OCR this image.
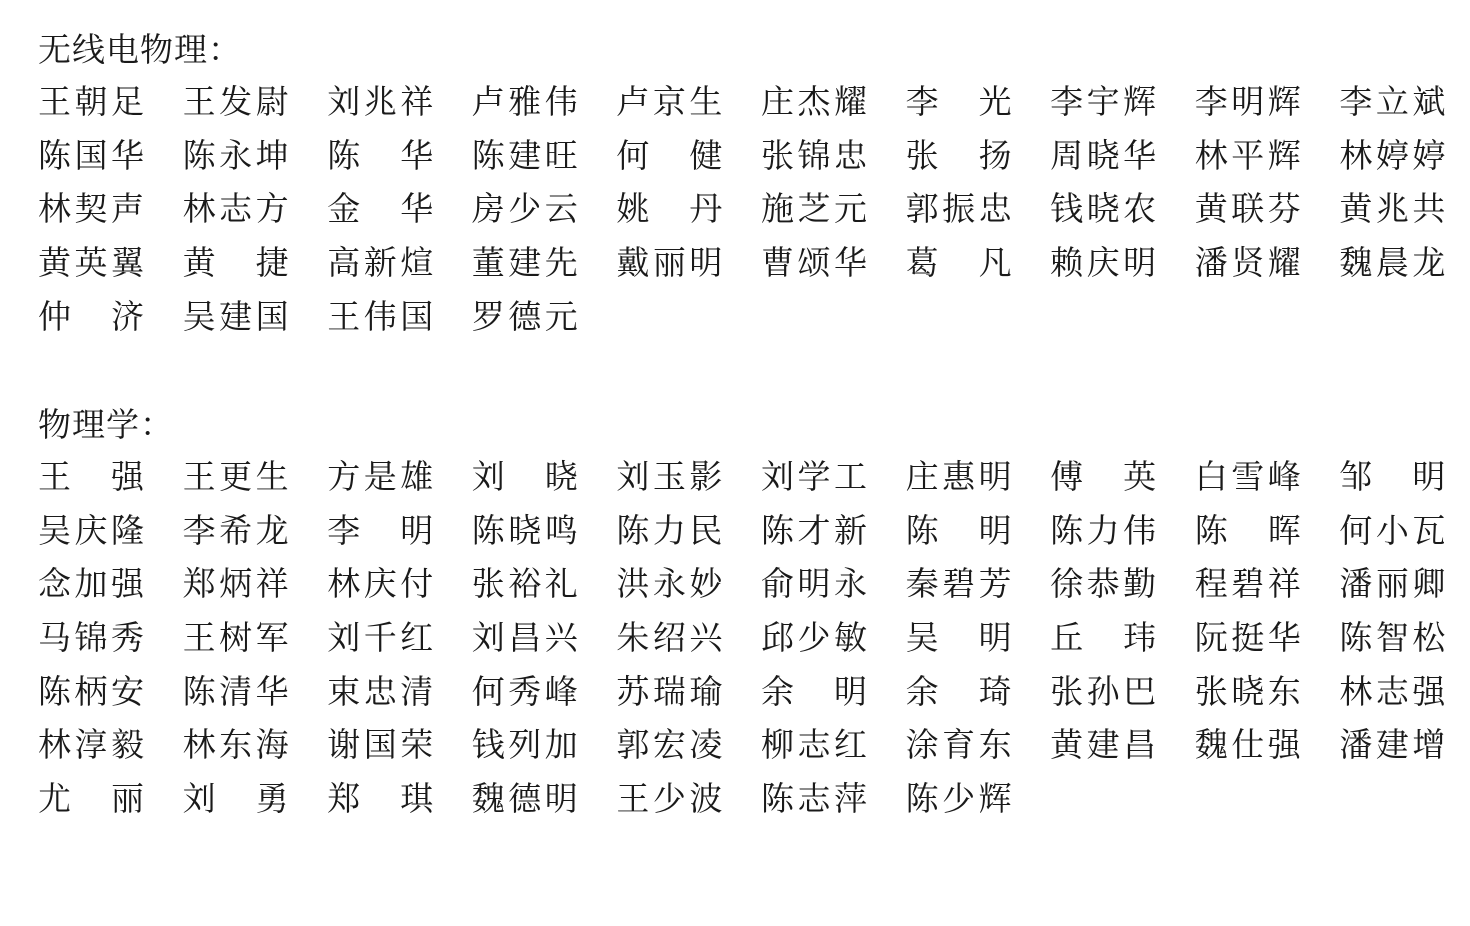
无线电物理：
王 朝 足 王 发 尉 刘 兆 祥 卢 雅 伟 卢 京 生 庄 杰 耀 李 光 李 宇 辉 李 明 辉 李 立 斌
陈 国 华 陈 永 坤 陈 华 陈 建 旺 何 健 张 锦 忠 张 扬 周 晓 华 林 平 辉 林 婷 婷
林 契 声 林 志 方 金 华 房 少 云 姚 丹 施 芝 元 郭 振 忠 钱 晓 农 黄 联 芬 黄 兆 共
黄 英 翼 黄 捷 高 新 煊 董 建 先 戴 丽 明 曹 颂 华 葛 凡 赖 庆 明 潘 贤 耀 魏 晨 龙
仲 济 吴 建 国 王 伟 国 罗 德 元
物理学：
王 强 王 更 生 方 是 雄 刘 晓 刘 玉 影 刘 学 工 庄 惠 明 傅 英 白 雪 峰 邹 明
吴 庆 隆 李 希 龙 李 明 陈 晓 鸣 陈 力 民 陈 才 新 陈 明 陈 力 伟 陈 晖 何 小 瓦
念 加 强 郑 炳 祥 林 庆 付 张 裕 礼 洪 永 妙 俞 明 永 秦 碧 芳 徐 恭 勤 程 碧 祥 潘 丽 卿
马 锦 秀 王 树 军 刘 千 红 刘 昌 兴 朱 绍 兴 邱 少 敏 吴 明 丘 玮 阮 挺 华 陈 智 松
陈 柄 安 陈 清 华 束 忠 清 何 秀 峰 苏 瑞 瑜 余 明 余 琦 张 孙 巴 张 晓 东 林 志 强
林 淳 毅 林 东 海 谢 国 荣 钱 列 加 郭 宏 凌 柳 志 红 涂 育 东 黄 建 昌 魏 仕 强 潘 建 增
尤 丽 刘 勇 郑 琪 魏 德 明 王 少 波 陈 志 萍 陈 少 辉
